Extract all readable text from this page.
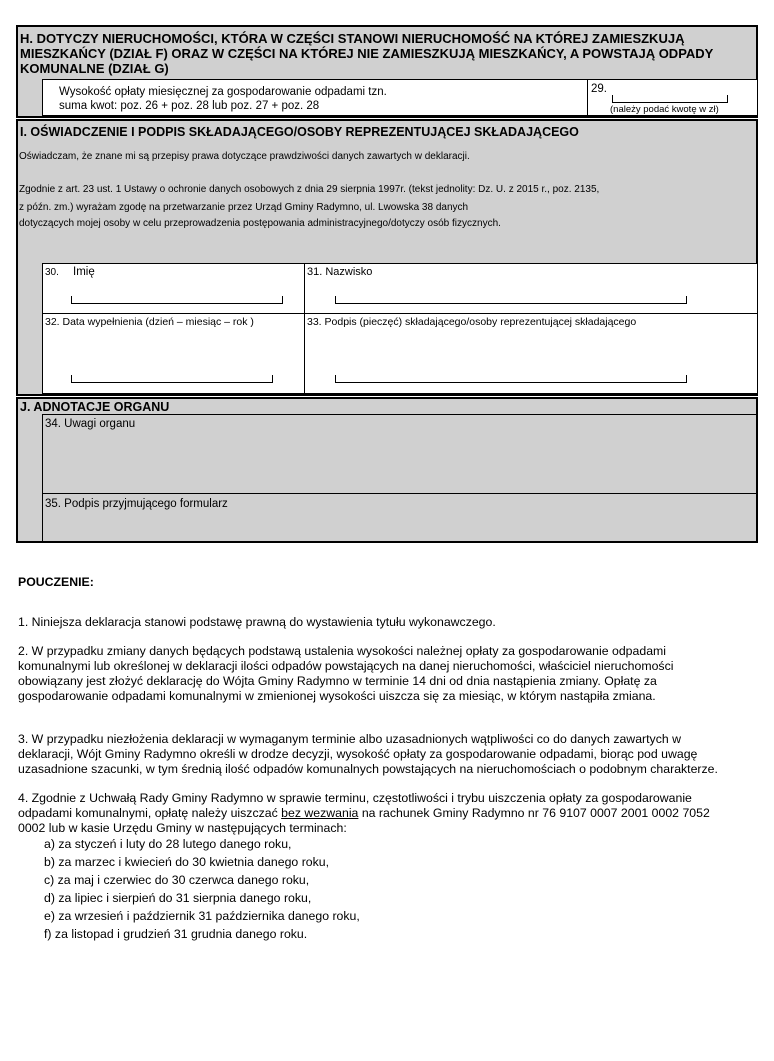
H. DOTYCZY NIERUCHOMOŚCI, KTÓRA W CZĘŚCI STANOWI NIERUCHOMOŚĆ NA KTÓREJ ZAMIESZKUJĄ MIESZKAŃCY (DZIAŁ F) ORAZ W CZĘŚCI NA KTÓREJ NIE ZAMIESZKUJĄ MIESZKAŃCY, A POWSTAJĄ ODPADY KOMUNALNE (DZIAŁ G)
Wysokość opłaty miesięcznej za gospodarowanie odpadami tzn.
suma kwot: poz. 26 + poz. 28 lub poz. 27 + poz. 28
29.
(należy podać kwotę w zł)
I. OŚWIADCZENIE I PODPIS SKŁADAJĄCEGO/OSOBY REPREZENTUJĄCEJ SKŁADAJĄCEGO
Oświadczam, że znane mi są przepisy prawa dotyczące prawdziwości danych zawartych w deklaracji.
Zgodnie z art. 23 ust. 1 Ustawy o ochronie danych osobowych z dnia 29 sierpnia 1997r. (tekst jednolity: Dz. U. z 2015 r., poz. 2135,
z późn. zm.) wyrażam zgodę na przetwarzanie przez Urząd Gminy Radymno, ul. Lwowska 38 danych
dotyczących mojej osoby w celu przeprowadzenia postępowania administracyjnego/dotyczy osób fizycznych.
30. Imię	31. Nazwisko
32. Data wypełnienia (dzień – miesiąc – rok )	33. Podpis (pieczęć) składającego/osoby reprezentującej składającego
J. ADNOTACJE ORGANU
34. Uwagi organu
35. Podpis przyjmującego formularz
POUCZENIE:
1. Niniejsza deklaracja stanowi podstawę prawną do wystawienia tytułu wykonawczego.

2. W przypadku zmiany danych będących podstawą ustalenia wysokości należnej opłaty za gospodarowanie odpadami

komunalnymi lub określonej w deklaracji ilości odpadów powstających na danej nieruchomości, właściciel nieruchomości

obowiązany jest złożyć deklarację do Wójta Gminy Radymno w terminie 14 dni od dnia nastąpienia zmiany. Opłatę za

gospodarowanie odpadami komunalnymi w zmienionej wysokości uiszcza się za miesiąc, w którym nastąpiła zmiana.

3. W przypadku niezłożenia deklaracji w wymaganym terminie albo uzasadnionych wątpliwości co do danych zawartych w

deklaracji, Wójt Gminy Radymno określi w drodze decyzji, wysokość opłaty za gospodarowanie odpadami, biorąc pod uwagę

uzasadnione szacunki, w tym średnią ilość odpadów komunalnych powstających na nieruchomościach o podobnym charakterze.

4. Zgodnie z Uchwałą Rady Gminy Radymno w sprawie terminu, częstotliwości i trybu uiszczenia opłaty za gospodarowanie

odpadami komunalnymi, opłatę należy uiszczać bez wezwania na rachunek Gminy Radymno nr 76 9107 0007 2001 0002 7052

0002 lub w kasie Urzędu Gminy w następujących terminach:

a) za styczeń i luty do 28 lutego danego roku,
b) za marzec i kwiecień do 30 kwietnia danego roku,
c) za maj i czerwiec do 30 czerwca danego roku,
d) za lipiec i sierpień do 31 sierpnia danego roku,
e) za wrzesień i październik 31 października danego roku,
f) za listopad i grudzień 31 grudnia danego roku.
